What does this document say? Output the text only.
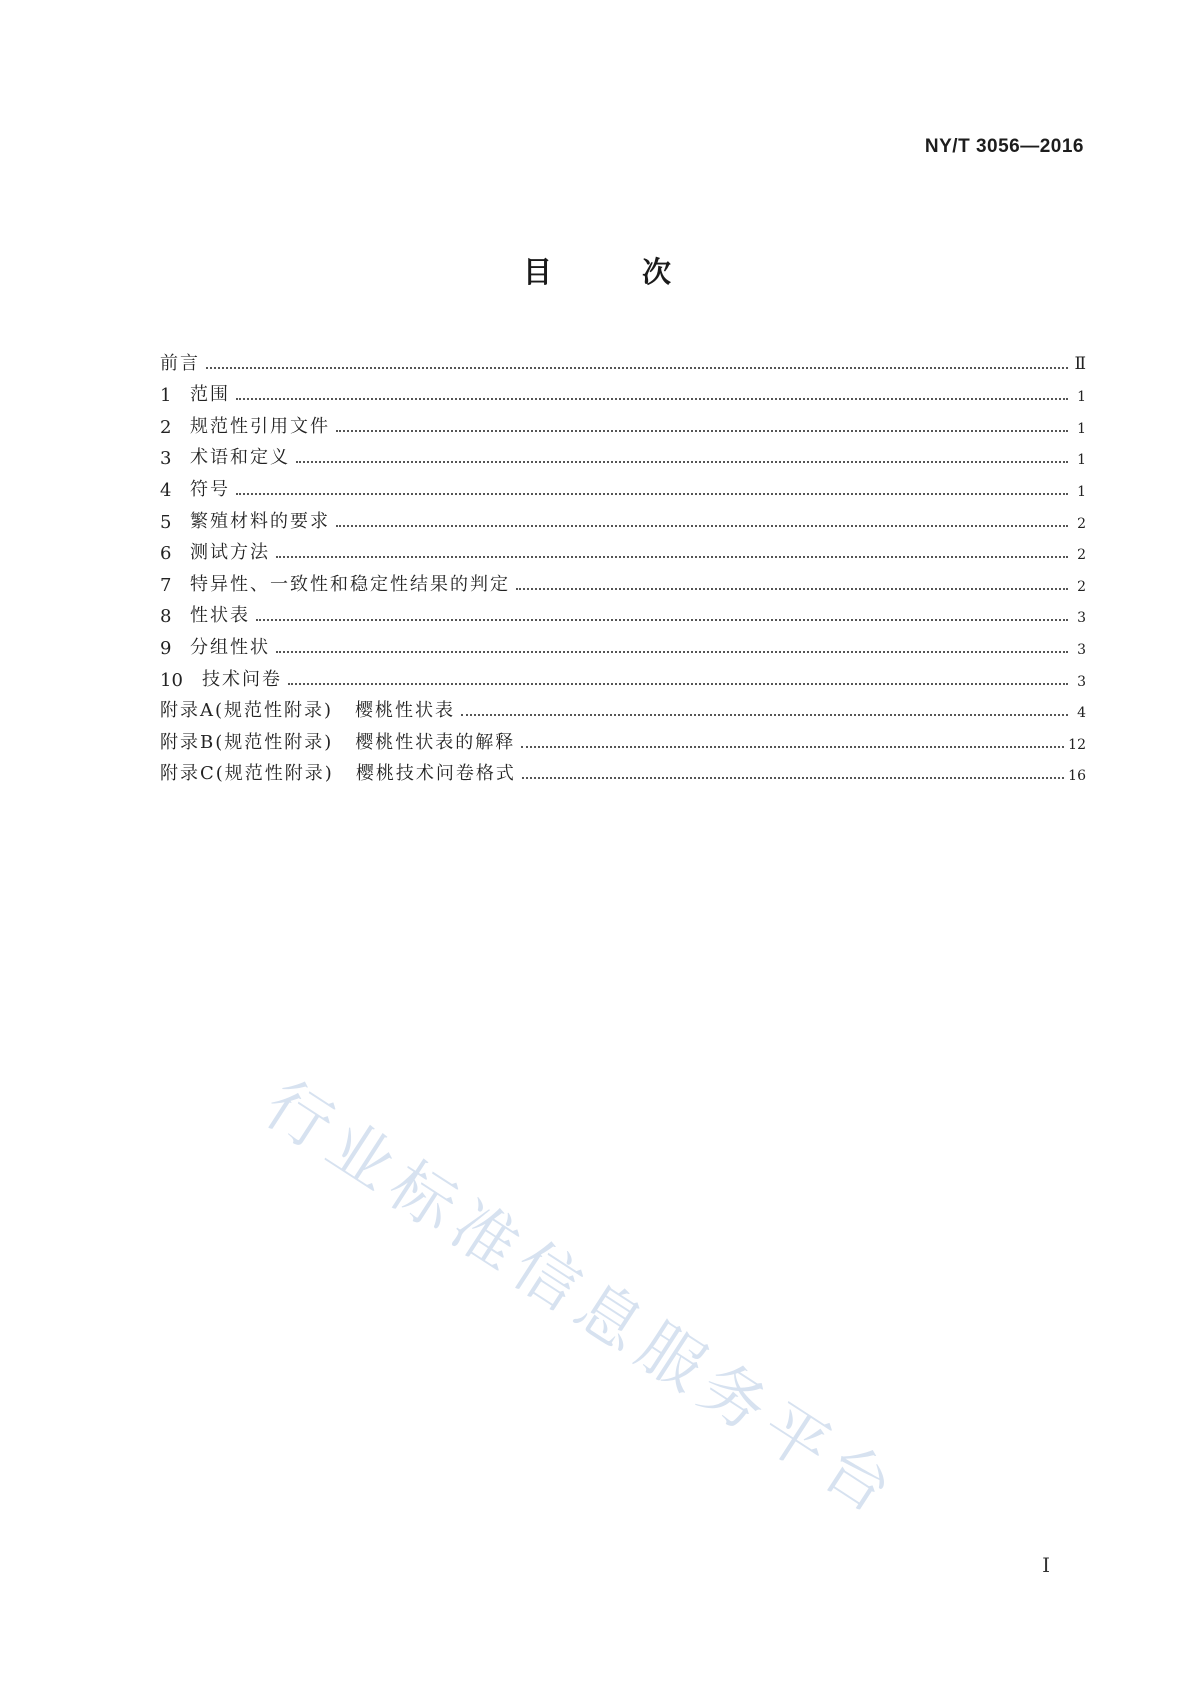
NY/T 3056—2016
目 次
前言	Ⅱ
1	范围	1
2	规范性引用文件	1
3	术语和定义	1
4	符号	1
5	繁殖材料的要求	2
6	测试方法	2
7	特异性、一致性和稳定性结果的判定	2
8	性状表	3
9	分组性状	3
10	技术问卷	3
附录A(规范性附录) 樱桃性状表	4
附录B(规范性附录) 樱桃性状表的解释	12
附录C(规范性附录) 樱桃技术问卷格式	16
行业标准信息服务平台
I
